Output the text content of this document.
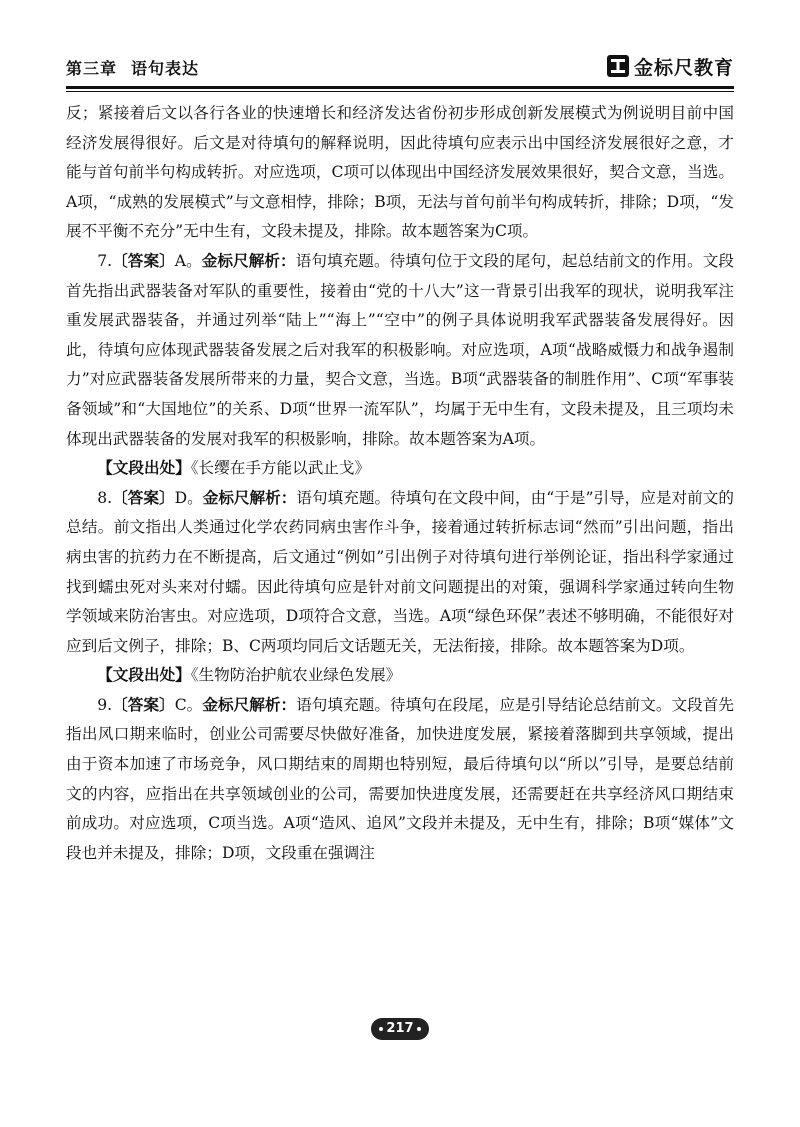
第三章 语句表达	金标尺教育

反；紧接着后文以各行各业的快速增长和经济发达省份初步形成创新发展模式为例说明目前中国经济发展得很好。后文是对待填句的解释说明，因此待填句应表示出中国经济发展很好之意，才能与首句前半句构成转折。对应选项，C项可以体现出中国经济发展效果很好，契合文意，当选。A项，“成熟的发展模式”与文意相悖，排除；B项，无法与首句前半句构成转折，排除；D项，“发展不平衡不充分”无中生有，文段未提及，排除。故本题答案为C项。

7.〔答案〕A。金标尺解析：语句填充题。待填句位于文段的尾句，起总结前文的作用。文段首先指出武器装备对军队的重要性，接着由“党的十八大”这一背景引出我军的现状，说明我军注重发展武器装备，并通过列举“陆上”“海上”“空中”的例子具体说明我军武器装备发展得好。因此，待填句应体现武器装备发展之后对我军的积极影响。对应选项，A项“战略威慑力和战争遏制力”对应武器装备发展所带来的力量，契合文意，当选。B项“武器装备的制胜作用”、C项“军事装备领域”和“大国地位”的关系、D项“世界一流军队”，均属于无中生有，文段未提及，且三项均未体现出武器装备的发展对我军的积极影响，排除。故本题答案为A项。

【文段出处】《长缨在手方能以武止戈》

8.〔答案〕D。金标尺解析：语句填充题。待填句在文段中间，由“于是”引导，应是对前文的总结。前文指出人类通过化学农药同病虫害作斗争，接着通过转折标志词“然而”引出问题，指出病虫害的抗药力在不断提高，后文通过“例如”引出例子对待填句进行举例论证，指出科学家通过找到蠕虫死对头来对付蠕。因此待填句应是针对前文问题提出的对策，强调科学家通过转向生物学领域来防治害虫。对应选项，D项符合文意，当选。A项“绿色环保”表述不够明确，不能很好对应到后文例子，排除；B、C两项均同后文话题无关，无法衔接，排除。故本题答案为D项。

【文段出处】《生物防治护航农业绿色发展》

9.〔答案〕C。金标尺解析：语句填充题。待填句在段尾，应是引导结论总结前文。文段首先指出风口期来临时，创业公司需要尽快做好准备，加快进度发展，紧接着落脚到共享领域，提出由于资本加速了市场竞争，风口期结束的周期也特别短，最后待填句以“所以”引导，是要总结前文的内容，应指出在共享领域创业的公司，需要加快进度发展，还需要赶在共享经济风口期结束前成功。对应选项，C项当选。A项“造风、追风”文段并未提及，无中生有，排除；B项“媒体”文段也并未提及，排除；D项，文段重在强调注

217
